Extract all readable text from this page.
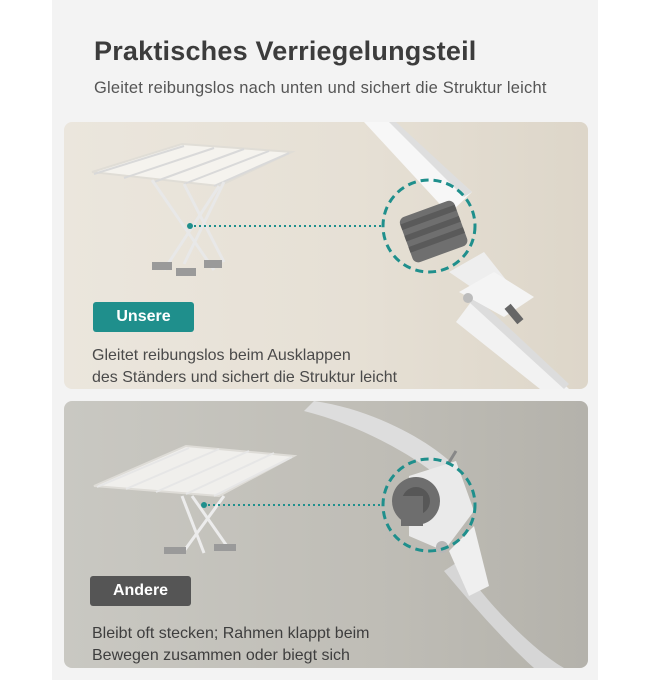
Praktisches Verriegelungsteil
Gleitet reibungslos nach unten und sichert die Struktur leicht
Unsere
Gleitet reibungslos beim Ausklappen
des Ständers und sichert die Struktur leicht
Andere
Bleibt oft stecken; Rahmen klappt beim
Bewegen zusammen oder biegt sich
